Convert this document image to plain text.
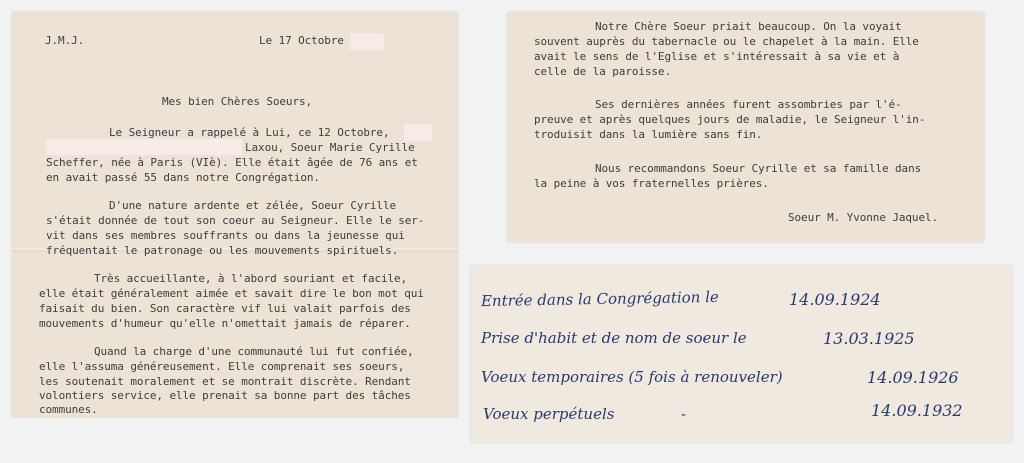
J.M.J.	Le 17 Octobre
Mes bien Chères Soeurs,
Le Seigneur a rappelé à Lui, ce 12 Octobre,
Laxou, Soeur Marie Cyrille
Scheffer, née à Paris (VIè). Elle était âgée de 76 ans et
en avait passé 55 dans notre Congrégation.
D'une nature ardente et zélée, Soeur Cyrille
s'était donnée de tout son coeur au Seigneur. Elle le ser-
vit dans ses membres souffrants ou dans la jeunesse qui
fréquentait le patronage ou les mouvements spirituels.
Très accueillante, à l'abord souriant et facile,
elle était généralement aimée et savait dire le bon mot qui
faisait du bien. Son caractère vif lui valait parfois des
mouvements d'humeur qu'elle n'omettait jamais de réparer.
Quand la charge d'une communauté lui fut confiée,
elle l'assuma généreusement. Elle comprenait ses soeurs,
les soutenait moralement et se montrait discrète. Rendant
volontiers service, elle prenait sa bonne part des tâches
communes.
Notre Chère Soeur priait beaucoup. On la voyait
souvent auprès du tabernacle ou le chapelet à la main. Elle
avait le sens de l'Eglise et s'intéressait à sa vie et à
celle de la paroisse.
Ses dernières années furent assombries par l'é-
preuve et après quelques jours de maladie, le Seigneur l'in-
troduisit dans la lumière sans fin.
Nous recommandons Soeur Cyrille et sa famille dans
la peine à vos fraternelles prières.
Soeur M. Yvonne Jaquel.
Entrée dans la Congrégation le	14.09.1924
Prise d'habit et de nom de soeur le	13.03.1925
Voeux temporaires (5 fois à renouveler)	14.09.1926
Voeux perpétuels	-	14.09.1932
